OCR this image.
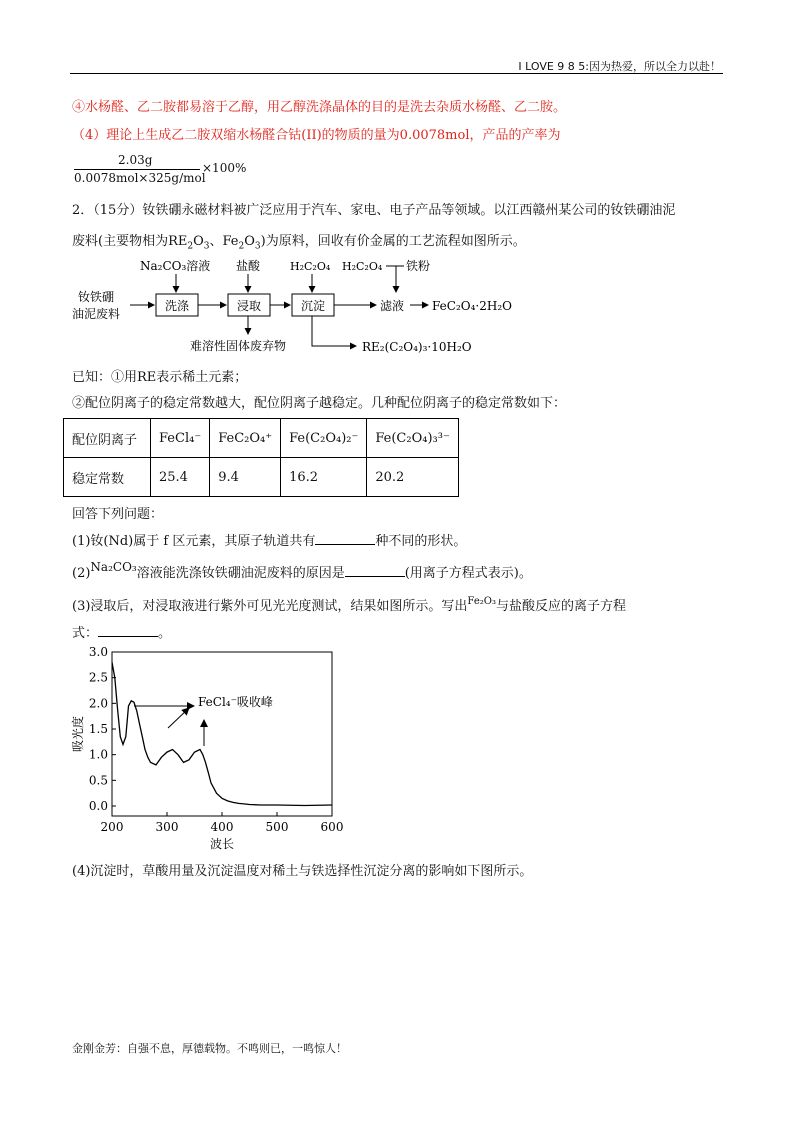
I LOVE 9 8 5:因为热爱，所以全力以赴！
④水杨醛、乙二胺都易溶于乙醇，用乙醇洗涤晶体的目的是洗去杂质水杨醛、乙二胺。
（4）理论上生成乙二胺双缩水杨醛合钴(II)的物质的量为0.0078mol，产品的产率为
2.03g
0.0078mol×325g/mol
×100%
2．（15分）钕铁硼永磁材料被广泛应用于汽车、家电、电子产品等领域。以江西赣州某公司的钕铁硼油泥
废料(主要物相为$RE_2O_3$、$Fe_2O_3$)为原料，回收有价金属的工艺流程如图所示。
钕铁硼
油泥废料
洗涤	浸取	沉淀	滤液 FeC₂O₄·2H₂O
Na₂CO₃溶液 盐酸	H₂C₂O₄ H₂C₂O₄ 铁粉
难溶性固体废弃物	RE₂(C₂O₄)₃·10H₂O
已知：①用RE表示稀土元素；
②配位阴离子的稳定常数越大，配位阴离子越稳定。几种配位阴离子的稳定常数如下：
配位阴离子	FeCl₄⁻	FeC₂O₄⁺	Fe(C₂O₄)₂⁻	Fe(C₂O₄)₃³⁻
稳定常数	25.4	9.4	16.2	20.2
回答下列问题：
(1)钕(Nd)属于 f 区元素，其原子轨道共有	种不同的形状。
(2)Na₂CO₃溶液能洗涤钕铁硼油泥废料的原因是	(用离子方程式表示)。
(3)浸取后，对浸取液进行紫外可见光光度测试，结果如图所示。写出$^{Fe_2O_3}$与盐酸反应的离子方程
式：	。
3.0
2.5
2.0
1.5
1.0
0.5
0.0
200	300	400	500	600
FeCl₄⁻吸收峰
吸光度
波长
(4)沉淀时，草酸用量及沉淀温度对稀土与铁选择性沉淀分离的影响如下图所示。
金刚金芳：自强不息，厚德载物。不鸣则已，一鸣惊人！
